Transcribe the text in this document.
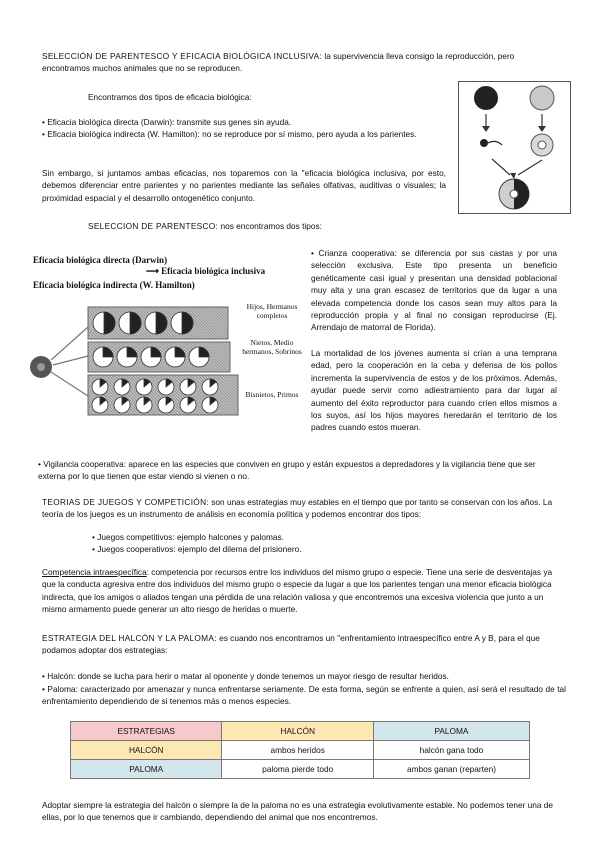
SELECCIÓN DE PARENTESCO Y EFICACIA BIOLÓGICA INCLUSIVA: la supervivencia lleva consigo la reproducción, pero encontramos muchos animales que no se reproducen.

Encontramos dos tipos de eficacia biológica:

• Eficacia biológica directa (Darwin): transmite sus genes sin ayuda.

• Eficacia biológica indirecta (W. Hamilton): no se reproduce por sí mismo, pero ayuda a los parientes.

Sin embargo, si juntamos ambas eficacias, nos toparemos con la "eficacia biológica inclusiva, por esto, debemos diferenciar entre parientes y no parientes mediante las señales olfativas, auditivas o visuales; la proximidad espacial y el desarrollo ontogenético conjunto.

SELECCION DE PARENTESCO: nos encontramos dos tipos:

Eficacia biológica directa (Darwin)
⟶ Eficacia biológica inclusiva
Eficacia biológica indirecta (W. Hamilton)
Hijos, Hermanos completos
Nietos, Medio hermanos, Sobrinos
Bisnietos, Primos

• Crianza cooperativa: se diferencia por sus castas y por una selección exclusiva. Este tipo presenta un beneficio genéticamente casi igual y presentan una densidad poblacional muy alta y una gran escasez de territorios que da lugar a una elevada competencia donde los casos sean muy altos para la reproducción propia y al final no consigan reproducirse (Ej. Arrendajo de matorral de Florida).

La mortalidad de los jóvenes aumenta si crían a una temprana edad, pero la cooperación en la ceba y defensa de los pollos incrementa la supervivencia de estos y de los próximos. Además, ayudar puede servir como adiestramiento para dar lugar al aumento del éxito reproductor para cuando críen ellos mismos a los suyos, así los hijos mayores heredarán el territorio de los padres cuando estos mueran.

• Vigilancia cooperativa: aparece en las especies que conviven en grupo y están expuestos a depredadores y la vigilancia tiene que ser externa por lo que tienen que estar viendo si vienen o no.

TEORIAS DE JUEGOS Y COMPETICIÓN: son unas estrategias muy estables en el tiempo que por tanto se conservan con los años. La teoría de los juegos es un instrumento de análisis en economía política y podemos encontrar dos tipos:

• Juegos competitivos: ejemplo halcones y palomas.

• Juegos cooperativos: ejemplo del dilema del prisionero.

Competencia intraespecífica: competencia por recursos entre los individuos del mismo grupo o especie. Tiene una serie de desventajas ya que la conducta agresiva entre dos individuos del mismo grupo o especie da lugar a que los parientes tengan una menor eficacia biológica indirecta, que los amigos o aliados tengan una pérdida de una relación valiosa y que encontremos una excesiva violencia que junto a un mismo armamento puede generar un alto riesgo de heridas o muerte.

ESTRATEGIA DEL HALCÓN Y LA PALOMA: es cuando nos encontramos un "enfrentamiento intraespecífico entre A y B, para el que podamos adoptar dos estrategias:

• Halcón: donde se lucha para herir o matar al oponente y donde tenemos un mayor riesgo de resultar heridos.

• Paloma: caracterizado por amenazar y nunca enfrentarse seriamente. De esta forma, según se enfrente a quien, así será el resultado de tal enfrentamiento dependiendo de si tenemos más o menos especies.

ESTRATEGIAS	HALCÓN	PALOMA
HALCÓN	ambos heridos	halcón gana todo
PALOMA	paloma pierde todo	ambos ganan (reparten)

Adoptar siempre la estrategia del halcón o siempre la de la paloma no es una estrategia evolutivamente estable. No podemos tener una de ellas, por lo que tenemos que ir cambiando, dependiendo del animal que nos encontremos.
